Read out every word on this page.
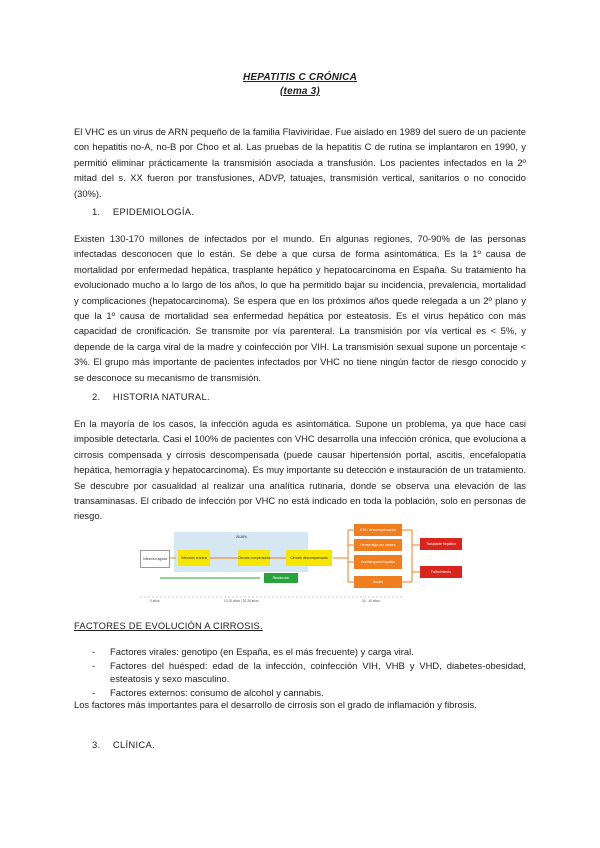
HEPATITIS C CRÓNICA
(tema 3)

El VHC es un virus de ARN pequeño de la familia Flaviviridae. Fue aislado en 1989 del suero de un paciente con hepatitis no-A, no-B por Choo et al. Las pruebas de la hepatitis C de rutina se implantaron en 1990, y permitió eliminar prácticamente la transmisión asociada a transfusión. Los pacientes infectados en la 2º mitad del s. XX fueron por transfusiones, ADVP, tatuajes, transmisión vertical, sanitarios o no conocido (30%).

1. EPIDEMIOLOGÍA.

Existen 130-170 millones de infectados por el mundo. En algunas regiones, 70-90% de las personas infectadas desconocen que lo están. Se debe a que cursa de forma asintomática. Es la 1º causa de mortalidad por enfermedad hepática, trasplante hepático y hepatocarcinoma en España. Su tratamiento ha evolucionado mucho a lo largo de los años, lo que ha permitido bajar su incidencia, prevalencia, mortalidad y complicaciones (hepatocarcinoma). Se espera que en los próximos años quede relegada a un 2º plano y que la 1º causa de mortalidad sea enfermedad hepática por esteatosis. Es el virus hepático con más capacidad de cronificación. Se transmite por vía parenteral. La transmisión por vía vertical es < 5%, y depende de la carga viral de la madre y coinfección por VIH. La transmisión sexual supone un porcentaje < 3%. El grupo más importante de pacientes infectados por VHC no tiene ningún factor de riesgo conocido y se desconoce su mecanismo de transmisión.

2. HISTORIA NATURAL.

En la mayoría de los casos, la infección aguda es asintomática. Supone un problema, ya que hace casi imposible detectarla. Casi el 100% de pacientes con VHC desarrolla una infección crónica, que evoluciona a cirrosis compensada y cirrosis descompensada (puede causar hipertensión portal, ascitis, encefalopatía hepática, hemorragia y hepatocarcinoma). Es muy importante su detección e instauración de un tratamiento. Se descubre por casualidad al realizar una analítica rutinaria, donde se observa una elevación de las transaminasas. El cribado de infección por VHC no está indicado en toda la población, solo en personas de riesgo.

Infección aguda
20-30%
Infección crónica	Cirrosis compensada	Cirrosis descompensada
Resolución
HTA / descompensación
Hemorragia por varices
Encefalopatía hepática
Ascitis
Trasplante hepático
Fallecimiento
5 años	10-20 años / 20-30 años	30 - 40 años
FACTORES DE EVOLUCIÓN A CIRROSIS.
- Factores virales: genotipo (en España, es el más frecuente) y carga viral.
- Factores del huésped: edad de la infección, coinfección VIH, VHB y VHD, diabetes-obesidad, esteatosis y sexo masculino.
- Factores externos: consumo de alcohol y cannabis.

Los factores más importantes para el desarrollo de cirrosis son el grado de inflamación y fibrosis.

3. CLÍNICA.
